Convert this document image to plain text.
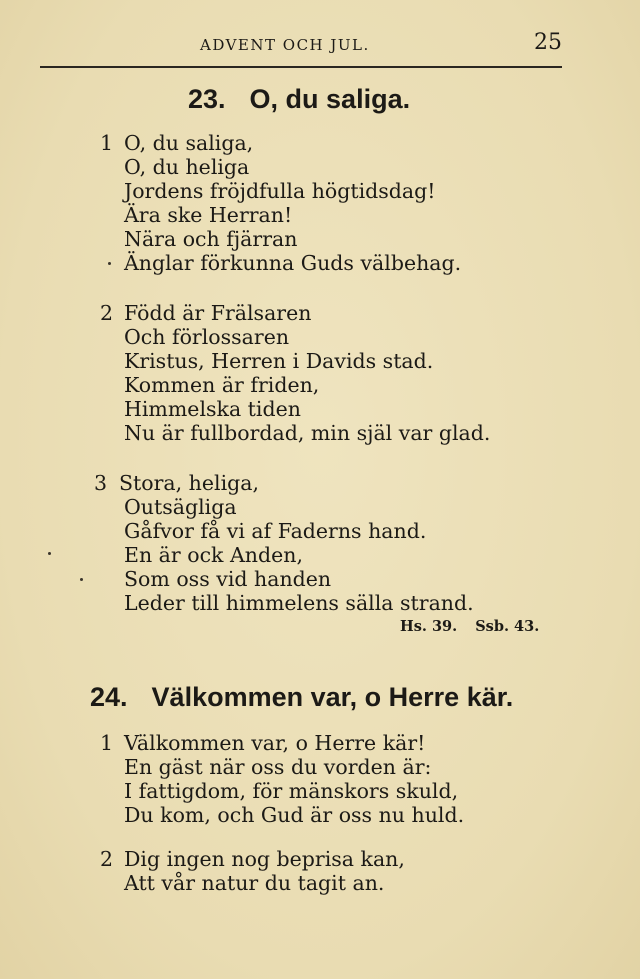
ADVENT OCH JUL.	25
23. O, du saliga.
1 O, du saliga,
O, du heliga
Jordens fröjdfulla högtidsdag!
Ära ske Herran!
Nära och fjärran
Änglar förkunna Guds välbehag.
2 Född är Frälsaren
Och förlossaren
Kristus, Herren i Davids stad.
Kommen är friden,
Himmelska tiden
Nu är fullbordad, min själ var glad.
3 Stora, heliga,
Outsägliga
Gåfvor få vi af Faderns hand.
En är ock Anden,
Som oss vid handen
Leder till himmelens sälla strand.
Hs. 39. Ssb. 43.
24. Välkommen var, o Herre kär.
1 Välkommen var, o Herre kär!
En gäst när oss du vorden är:
I fattigdom, för mänskors skuld,
Du kom, och Gud är oss nu huld.
2 Dig ingen nog beprisa kan,
Att vår natur du tagit an.
